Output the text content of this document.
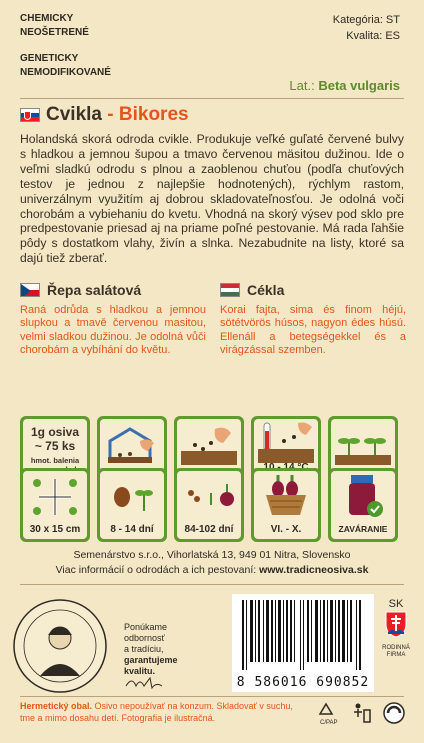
CHEMICKY
NEOŠETRENÉ
GENETICKY
NEMODIFIKOVANÉ
Kategória: ST
Kvalita: ES
Lat.: Beta vulgaris
Cvikla - Bikores
Holandská skorá odroda cvikle. Produkuje veľké guľaté červené bulvy s hladkou a jemnou šupou a tmavo červenou mäsitou dužinou. Ide o veľmi sladkú odrodu s plnou a zaoblenou chuťou (podľa chuťových testov je jednou z najlepšie hodnotených), rýchlym rastom, univerzálnym využitím aj dobrou skladovateľnosťou. Je odolná voči chorobám a vybiehaniu do kvetu. Vhodná na skorý výsev pod sklo pre predpestovanie priesad aj na priame poľné pestovanie. Má rada ľahšie pôdy s dostatkom vlahy, živín a slnka. Nezabudnite na listy, ktoré sa dajú tiež zberať.
Řepa salátová
Raná odrůda s hladkou a jemnou slupkou a tmavě červenou masitou, velmi sladkou dužinou. Je odolná vůči chorobám a vybíhání do květu.
Cékla
Korai fajta, sima és finom héjú, sötétvörös húsos, nagyon édes húsú. Ellenáll a betegségekkel és a virágzással szemben.
1g osiva
~ 75 ks
hmot. balenia
30 x 15 cm	8 - 14 dní	84-102 dní	VI. - X.	ZAVÁRANIE
Semenárstvo s.r.o., Vihorlatská 13, 949 01 Nitra, Slovensko
Viac informácií o odrodách a ich pestovaní: www.tradicneosiva.sk
Ponúkame
odbornosť
a tradíciu,
garantujeme
kvalitu.
8 586016 690852
SK
RODINNÁ
FIRMA
Hermetický obal. Osivo nepoužívať na konzum. Skladovať v suchu, tme a mimo dosahu detí. Fotografia je ilustračná.	C/PAP
